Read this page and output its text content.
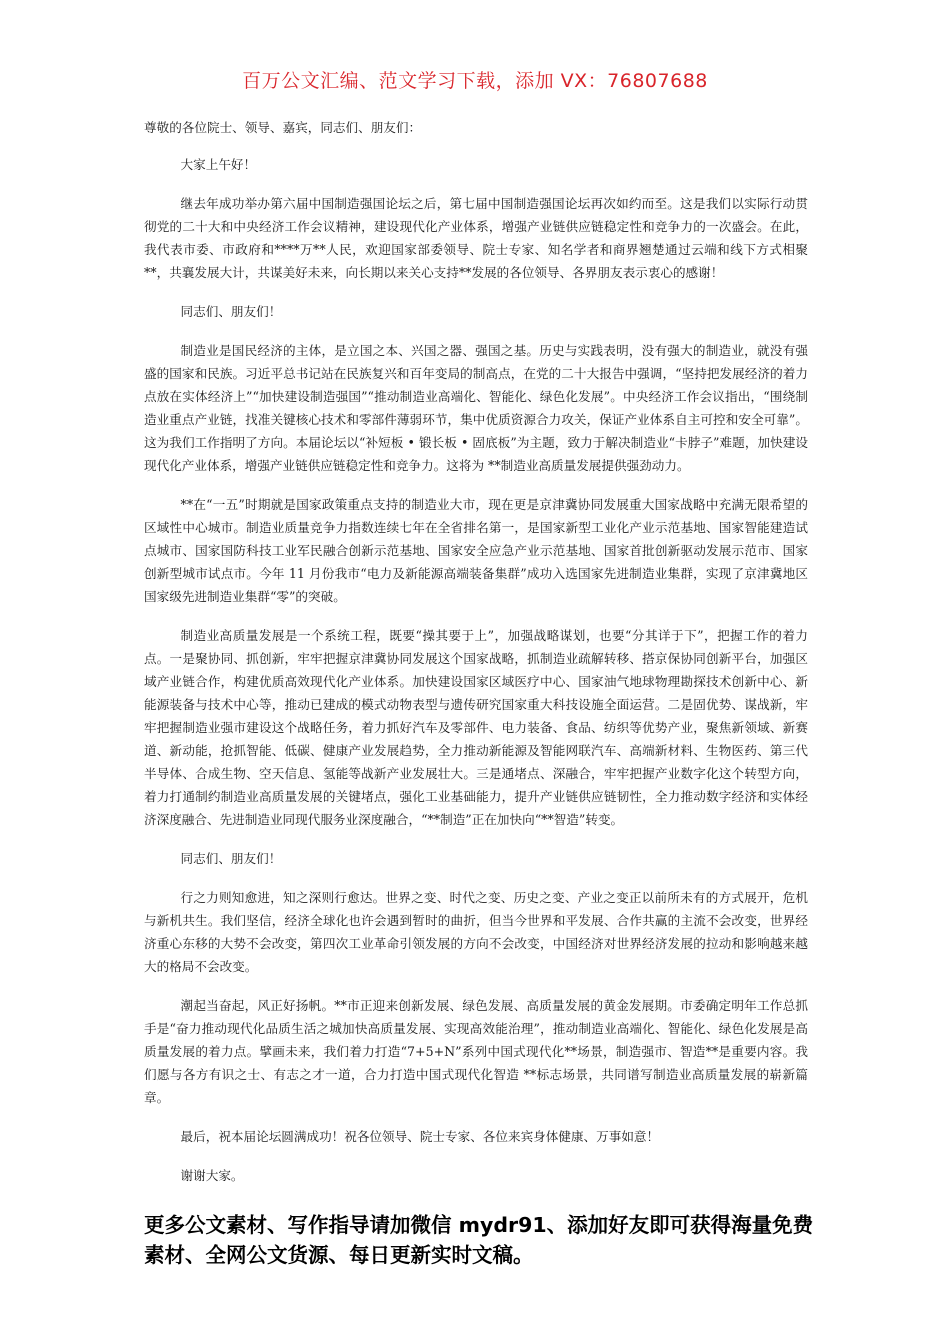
百万公文汇编、范文学习下载，添加 VX：76807688

尊敬的各位院士、领导、嘉宾，同志们、朋友们：

大家上午好！

继去年成功举办第六届中国制造强国论坛之后，第七届中国制造强国论坛再次如约而至。这是我们以实际行动贯彻党的二十大和中央经济工作会议精神，建设现代化产业体系，增强产业链供应链稳定性和竞争力的一次盛会。在此，我代表市委、市政府和****万**人民，欢迎国家部委领导、院士专家、知名学者和商界翘楚通过云端和线下方式相聚**，共襄发展大计，共谋美好未来，向长期以来关心支持**发展的各位领导、各界朋友表示衷心的感谢！

同志们、朋友们！

制造业是国民经济的主体，是立国之本、兴国之器、强国之基。历史与实践表明，没有强大的制造业，就没有强盛的国家和民族。习近平总书记站在民族复兴和百年变局的制高点，在党的二十大报告中强调，“坚持把发展经济的着力点放在实体经济上”“加快建设制造强国”“推动制造业高端化、智能化、绿色化发展”。中央经济工作会议指出，“围绕制造业重点产业链，找准关键核心技术和零部件薄弱环节，集中优质资源合力攻关，保证产业体系自主可控和安全可靠”。这为我们工作指明了方向。本届论坛以“补短板 • 锻长板 • 固底板”为主题，致力于解决制造业“卡脖子”难题，加快建设现代化产业体系，增强产业链供应链稳定性和竞争力。这将为 **制造业高质量发展提供强劲动力。

**在“一五”时期就是国家政策重点支持的制造业大市，现在更是京津冀协同发展重大国家战略中充满无限希望的区域性中心城市。制造业质量竞争力指数连续七年在全省排名第一，是国家新型工业化产业示范基地、国家智能建造试点城市、国家国防科技工业军民融合创新示范基地、国家安全应急产业示范基地、国家首批创新驱动发展示范市、国家创新型城市试点市。今年 11 月份我市“电力及新能源高端装备集群”成功入选国家先进制造业集群，实现了京津冀地区国家级先进制造业集群“零”的突破。

制造业高质量发展是一个系统工程，既要“操其要于上”，加强战略谋划，也要“分其详于下”，把握工作的着力点。一是聚协同、抓创新，牢牢把握京津冀协同发展这个国家战略，抓制造业疏解转移、搭京保协同创新平台，加强区域产业链合作，构建优质高效现代化产业体系。加快建设国家区域医疗中心、国家油气地球物理勘探技术创新中心、新能源装备与技术中心等，推动已建成的模式动物表型与遗传研究国家重大科技设施全面运营。二是固优势、谋战新，牢牢把握制造业强市建设这个战略任务，着力抓好汽车及零部件、电力装备、食品、纺织等优势产业，聚焦新领域、新赛道、新动能，抢抓智能、低碳、健康产业发展趋势，全力推动新能源及智能网联汽车、高端新材料、生物医药、第三代半导体、合成生物、空天信息、氢能等战新产业发展壮大。三是通堵点、深融合，牢牢把握产业数字化这个转型方向，着力打通制约制造业高质量发展的关键堵点，强化工业基础能力，提升产业链供应链韧性，全力推动数字经济和实体经济深度融合、先进制造业同现代服务业深度融合，“**制造”正在加快向“**智造”转变。

同志们、朋友们！

行之力则知愈进，知之深则行愈达。世界之变、时代之变、历史之变、产业之变正以前所未有的方式展开，危机与新机共生。我们坚信，经济全球化也许会遇到暂时的曲折，但当今世界和平发展、合作共赢的主流不会改变，世界经济重心东移的大势不会改变，第四次工业革命引领发展的方向不会改变，中国经济对世界经济发展的拉动和影响越来越大的格局不会改变。

潮起当奋起，风正好扬帆。**市正迎来创新发展、绿色发展、高质量发展的黄金发展期。市委确定明年工作总抓手是“奋力推动现代化品质生活之城加快高质量发展、实现高效能治理”，推动制造业高端化、智能化、绿色化发展是高质量发展的着力点。擘画未来，我们着力打造“7+5+N”系列中国式现代化**场景，制造强市、智造**是重要内容。我们愿与各方有识之士、有志之才一道，合力打造中国式现代化智造 **标志场景，共同谱写制造业高质量发展的崭新篇章。

最后，祝本届论坛圆满成功！祝各位领导、院士专家、各位来宾身体健康、万事如意！

谢谢大家。

更多公文素材、写作指导请加微信 mydr91、添加好友即可获得海量免费素材、全网公文货源、每日更新实时文稿。
